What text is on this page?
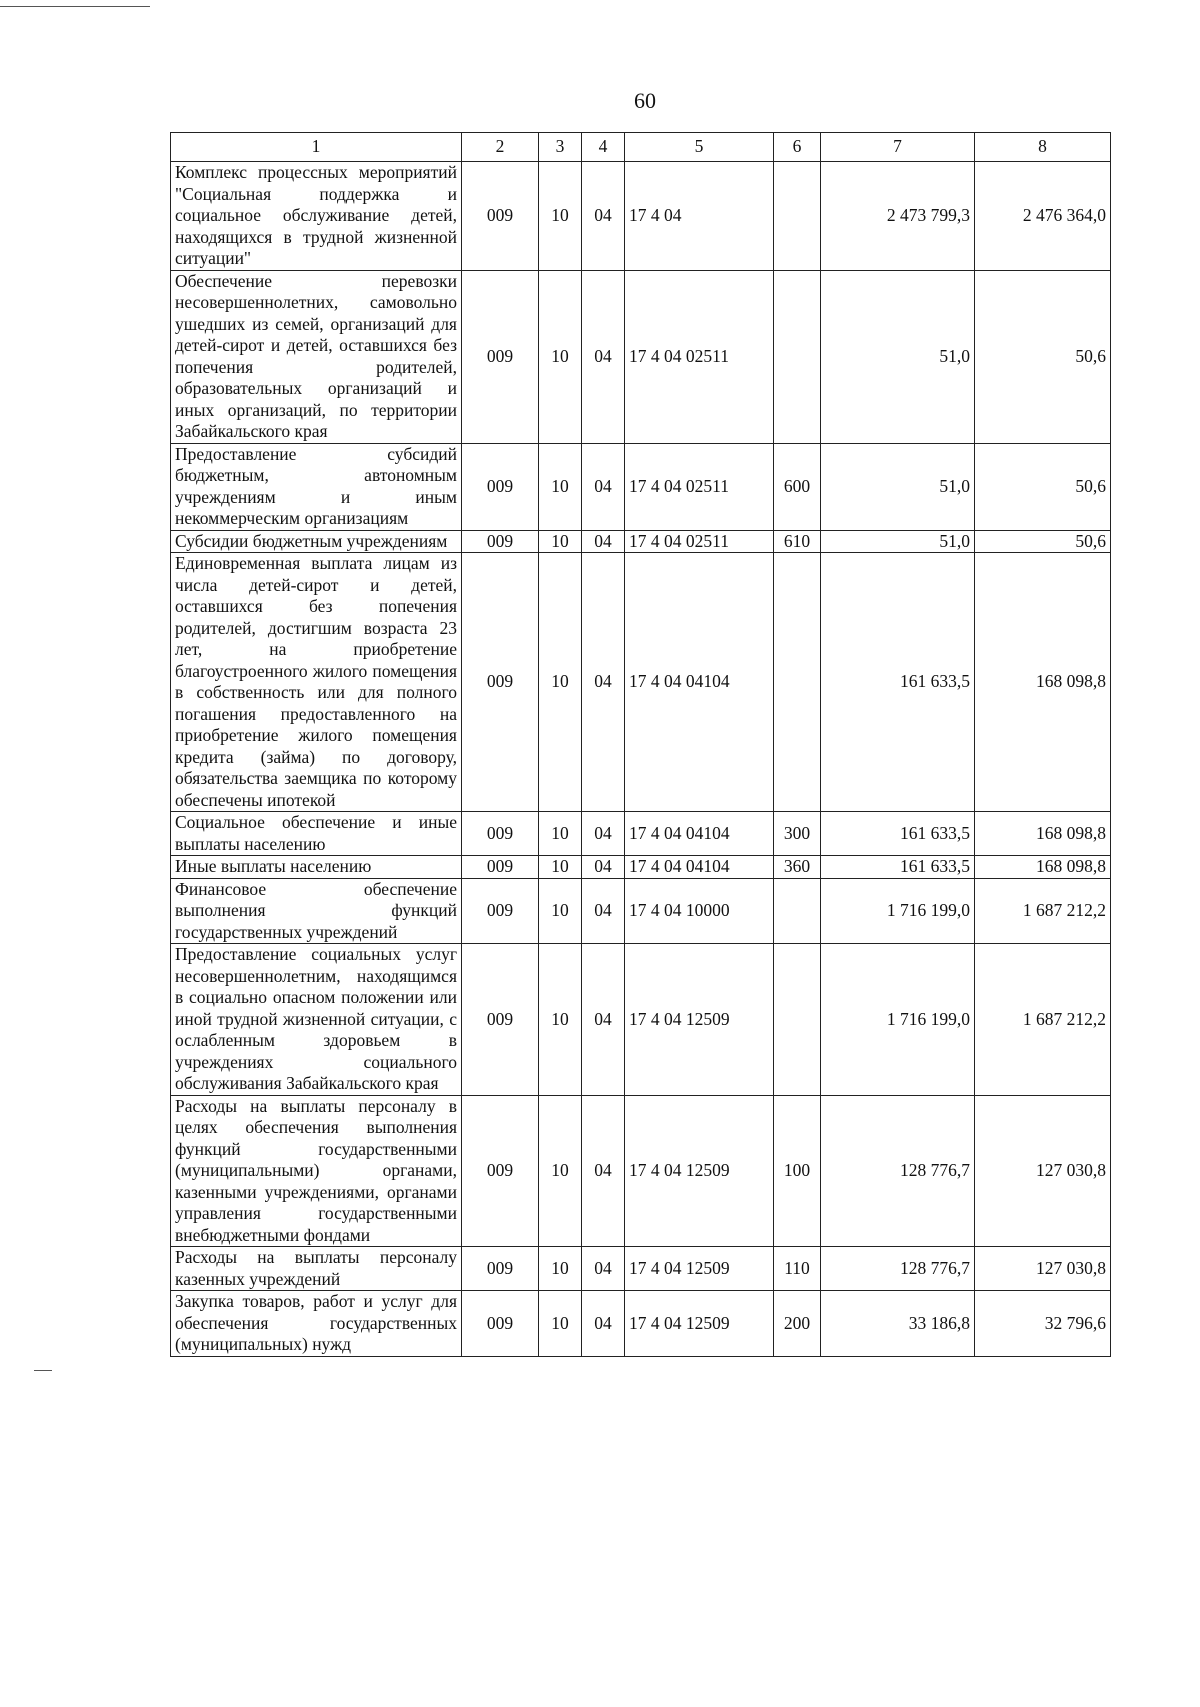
60
1	2	3	4	5	6	7	8
Комплекс процессных мероприятий "Социальная поддержка и социальное обслуживание детей, находящихся в трудной жизненной ситуации"	009	10	04	17 4 04		2 473 799,3	2 476 364,0
Обеспечение перевозки несовершеннолетних, самовольно ушедших из семей, организаций для детей-сирот и детей, оставшихся без попечения родителей, образовательных организаций и иных организаций, по территории Забайкальского края	009	10	04	17 4 04 02511		51,0	50,6
Предоставление субсидий бюджетным, автономным учреждениям и иным некоммерческим организациям	009	10	04	17 4 04 02511	600	51,0	50,6
Субсидии бюджетным учреждениям	009	10	04	17 4 04 02511	610	51,0	50,6
Единовременная выплата лицам из числа детей-сирот и детей, оставшихся без попечения родителей, достигшим возраста 23 лет, на приобретение благоустроенного жилого помещения в собственность или для полного погашения предоставленного на приобретение жилого помещения кредита (займа) по договору, обязательства заемщика по которому обеспечены ипотекой	009	10	04	17 4 04 04104		161 633,5	168 098,8
Социальное обеспечение и иные выплаты населению	009	10	04	17 4 04 04104	300	161 633,5	168 098,8
Иные выплаты населению	009	10	04	17 4 04 04104	360	161 633,5	168 098,8
Финансовое обеспечение выполнения функций государственных учреждений	009	10	04	17 4 04 10000		1 716 199,0	1 687 212,2
Предоставление социальных услуг несовершеннолетним, находящимся в социально опасном положении или иной трудной жизненной ситуации, с ослабленным здоровьем в учреждениях социального обслуживания Забайкальского края	009	10	04	17 4 04 12509		1 716 199,0	1 687 212,2
Расходы на выплаты персоналу в целях обеспечения выполнения функций государственными (муниципальными) органами, казенными учреждениями, органами управления государственными внебюджетными фондами	009	10	04	17 4 04 12509	100	128 776,7	127 030,8
Расходы на выплаты персоналу казенных учреждений	009	10	04	17 4 04 12509	110	128 776,7	127 030,8
Закупка товаров, работ и услуг для обеспечения государственных (муниципальных) нужд	009	10	04	17 4 04 12509	200	33 186,8	32 796,6
